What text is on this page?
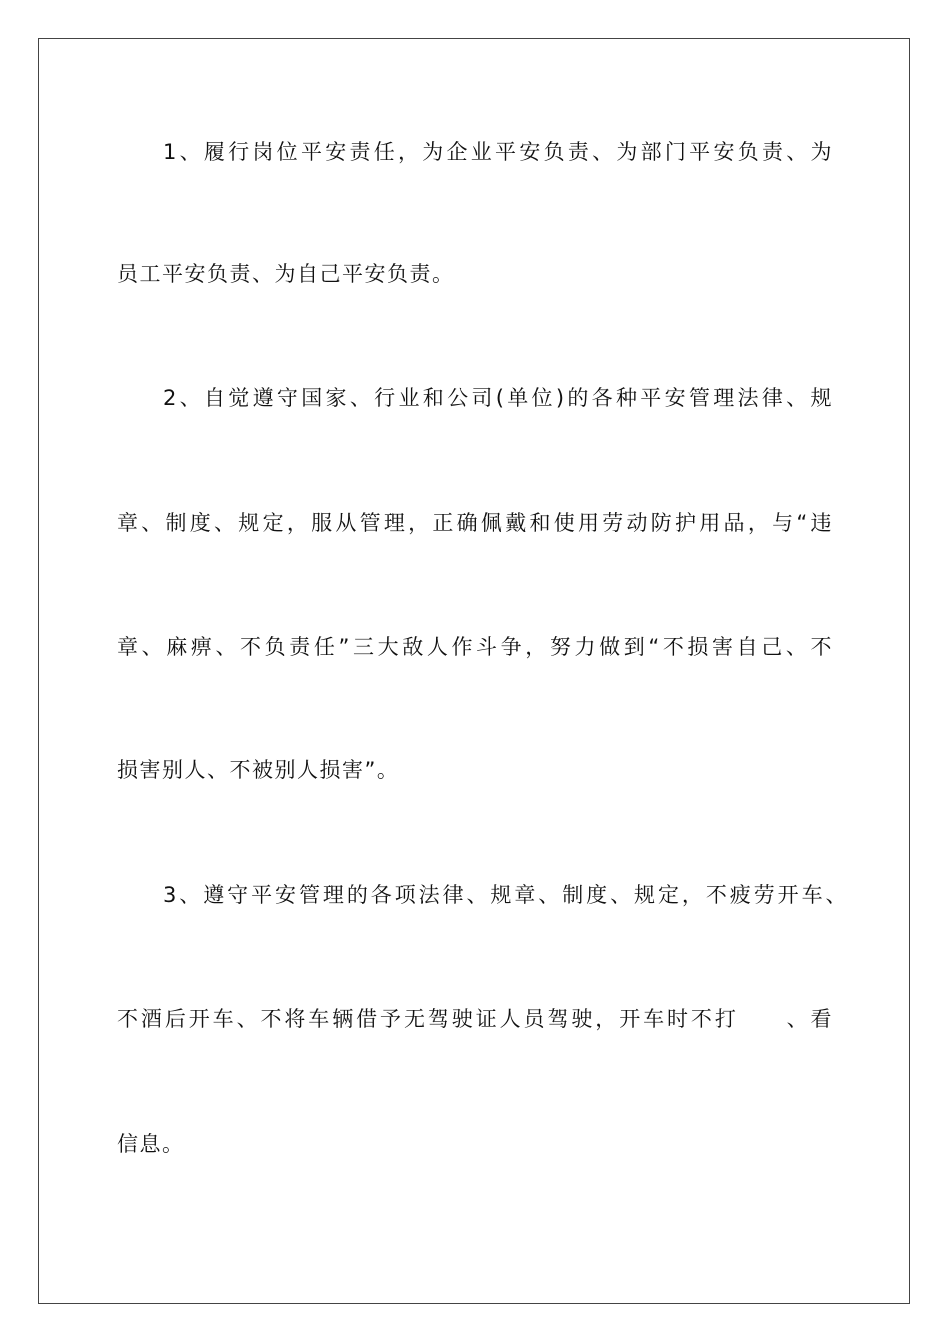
1、履行岗位平安责任，为企业平安负责、为部门平安负责、为
员工平安负责、为自己平安负责。
2、自觉遵守国家、行业和公司(单位)的各种平安管理法律、规
章、制度、规定，服从管理，正确佩戴和使用劳动防护用品，与“违
章、麻痹、不负责任”三大敌人作斗争，努力做到“不损害自己、不
损害别人、不被别人损害”。
3、遵守平安管理的各项法律、规章、制度、规定，不疲劳开车、
不酒后开车、不将车辆借予无驾驶证人员驾驶，开车时不打　　、看
信息。
